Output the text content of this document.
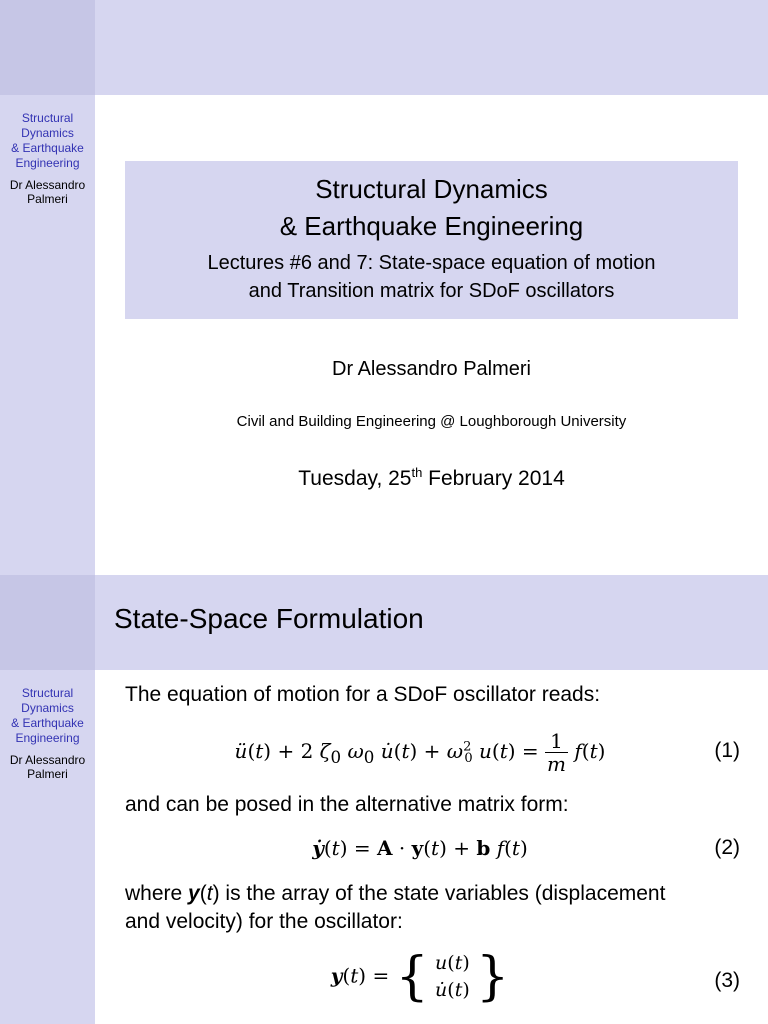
Structural
Dynamics
& Earthquake
Engineering
Dr Alessandro
Palmeri	Structural Dynamics
& Earthquake Engineering
Lectures #6 and 7: State-space equation of motion
and Transition matrix for SDoF oscillators
Dr Alessandro Palmeri
Civil and Building Engineering @ Loughborough University
Tuesday, 25th February 2014
State-Space Formulation
Structural
Dynamics
& Earthquake
Engineering
Dr Alessandro
Palmeri
The equation of motion for a SDoF oscillator reads:
ü(t) + 2 $\zeta_0$ $\omega_0$ u̇(t) + $\omega^2_0$ $u(t) = \frac{1}{m} f(t)$	(1)
and can be posed in the alternative matrix form:
ẏ(t) = A · y(t) + b f(t)	(2)
where y(t) is the array of the state variables (displacement
and velocity) for the oscillator:
y(t) = { u(t)
u̇(t) }	(3)
